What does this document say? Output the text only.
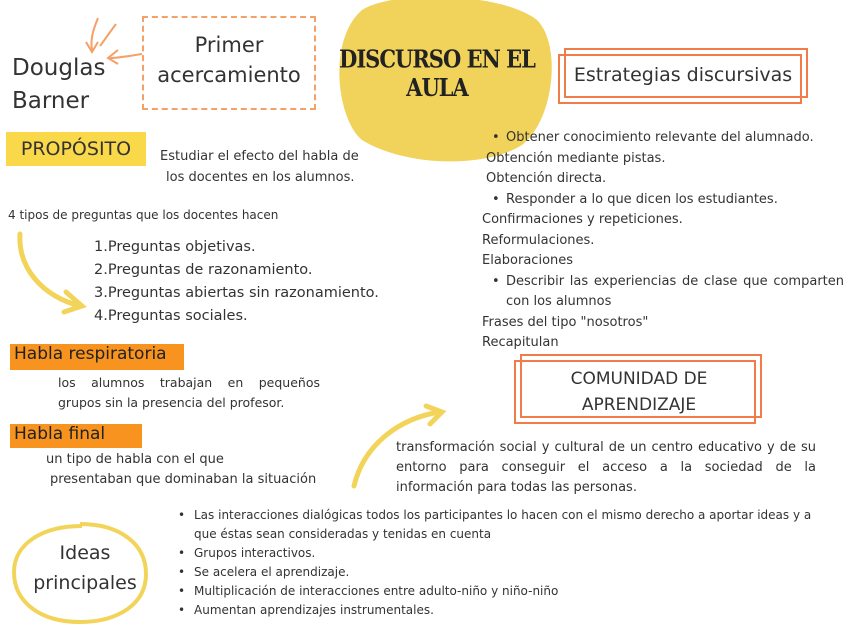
DISCURSO EN EL AULA
Douglas
Barner
Primer
acercamiento	Estrategias discursivas
PROPÓSITO	Estudiar el efecto del habla de
los docentes en los alumnos.
4 tipos de preguntas que los docentes hacen
1.Preguntas objetivas.
2.Preguntas de razonamiento.
3.Preguntas abiertas sin razonamiento.
4.Preguntas sociales.
Habla respiratoria
los alumnos trabajan en pequeños grupos sin la presencia del profesor.
Habla final
un tipo de habla con el que
presentaban que dominaban la situación
• Obtener conocimiento relevante del alumnado.
Obtención mediante pistas.
Obtención directa.
• Responder a lo que dicen los estudiantes.
Confirmaciones y repeticiones.
Reformulaciones.
Elaboraciones
• Describir las experiencias de clase que comparten con los alumnos
Frases del tipo "nosotros"
Recapitulan
COMUNIDAD DE
APRENDIZAJE
transformación social y cultural de un centro educativo y de su entorno para conseguir el acceso a la sociedad de la información para todas las personas.
Ideas
principales
• Las interacciones dialógicas todos los participantes lo hacen con el mismo derecho a aportar ideas y a que éstas sean consideradas y tenidas en cuenta
• Grupos interactivos.
• Se acelera el aprendizaje.
• Multiplicación de interacciones entre adulto-niño y niño-niño
• Aumentan aprendizajes instrumentales.
